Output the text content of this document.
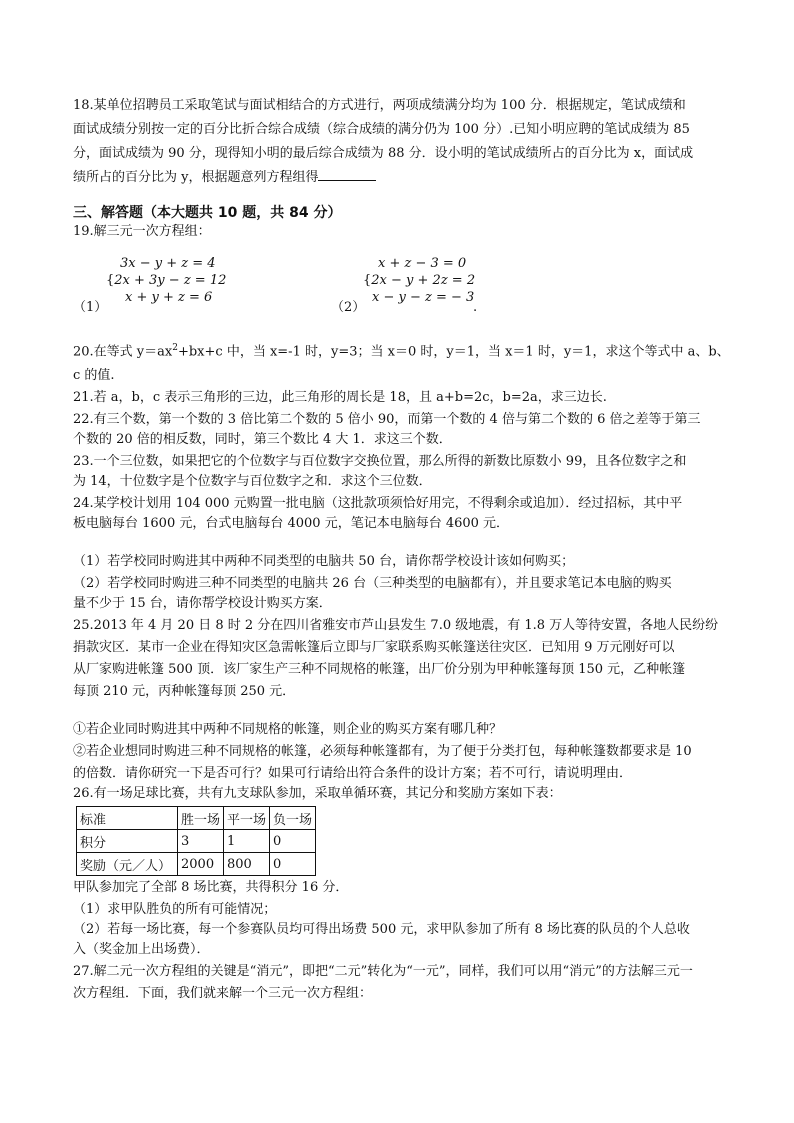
18.某单位招聘员工采取笔试与面试相结合的方式进行，两项成绩满分均为 100 分．根据规定，笔试成绩和
面试成绩分别按一定的百分比折合综合成绩（综合成绩的满分仍为 100 分）.已知小明应聘的笔试成绩为 85
分，面试成绩为 90 分，现得知小明的最后综合成绩为 88 分．设小明的笔试成绩所占的百分比为 x，面试成
绩所占的百分比为 y，根据题意列方程组得
三、解答题（本大题共 10 题，共 84 分）
19.解三元一次方程组：
3x − y + z = 4
{2x + 3y − z = 12
x + y + z = 6
（1）
x + z − 3 = 0
{2x − y + 2z = 2
x − y − z = − 3
（2）	.
20.在等式 $y=ax^2+bx+c$ 中，当 x=-1 时，y=3；当 x＝0 时，y＝1，当 x＝1 时，y＝1，求这个等式中 a、b、
c 的值.
21.若 a，b，c 表示三角形的三边，此三角形的周长是 18，且 a+b=2c，b=2a，求三边长.
22.有三个数，第一个数的 3 倍比第二个数的 5 倍小 90，而第一个数的 4 倍与第二个数的 6 倍之差等于第三
个数的 20 倍的相反数，同时，第三个数比 4 大 1．求这三个数．
23.一个三位数，如果把它的个位数字与百位数字交换位置，那么所得的新数比原数小 99，且各位数字之和
为 14，十位数字是个位数字与百位数字之和．求这个三位数．
24.某学校计划用 104 000 元购置一批电脑（这批款项须恰好用完，不得剩余或追加）．经过招标，其中平
板电脑每台 1600 元，台式电脑每台 4000 元，笔记本电脑每台 4600 元．
（1）若学校同时购进其中两种不同类型的电脑共 50 台，请你帮学校设计该如何购买；
（2）若学校同时购进三种不同类型的电脑共 26 台（三种类型的电脑都有），并且要求笔记本电脑的购买
量不少于 15 台，请你帮学校设计购买方案．
25.2013 年 4 月 20 日 8 时 2 分在四川省雅安市芦山县发生 7.0 级地震，有 1.8 万人等待安置，各地人民纷纷
捐款灾区．某市一企业在得知灾区急需帐篷后立即与厂家联系购买帐篷送往灾区．已知用 9 万元刚好可以
从厂家购进帐篷 500 顶．该厂家生产三种不同规格的帐篷，出厂价分别为甲种帐篷每顶 150 元，乙种帐篷
每顶 210 元，丙种帐篷每顶 250 元．
①若企业同时购进其中两种不同规格的帐篷，则企业的购买方案有哪几种？
②若企业想同时购进三种不同规格的帐篷，必须每种帐篷都有，为了便于分类打包，每种帐篷数都要求是 10
的倍数．请你研究一下是否可行？如果可行请给出符合条件的设计方案；若不可行，请说明理由．
26.有一场足球比赛，共有九支球队参加，采取单循环赛，其记分和奖励方案如下表：
标准	胜一场	平一场	负一场
积分	3	1	0
奖励（元／人）	2000	800	0
甲队参加完了全部 8 场比赛，共得积分 16 分．
（1）求甲队胜负的所有可能情况；
（2）若每一场比赛，每一个参赛队员均可得出场费 500 元，求甲队参加了所有 8 场比赛的队员的个人总收
入（奖金加上出场费）．
27.解二元一次方程组的关键是“消元”，即把“二元”转化为“一元”，同样，我们可以用“消元”的方法解三元一
次方程组．下面，我们就来解一个三元一次方程组：
